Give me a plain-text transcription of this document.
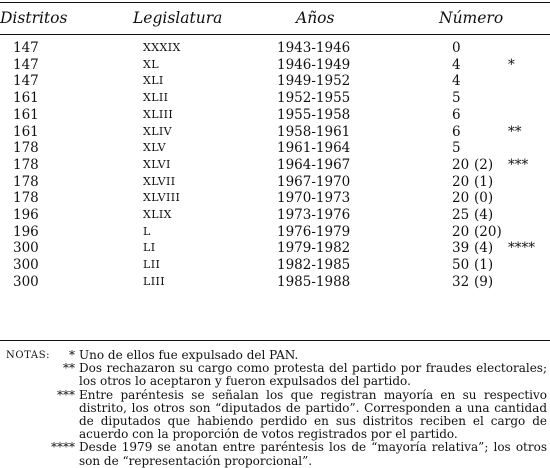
Distritos	Legislatura	Años	Número
147	XXXIX	1943-1946	0
147	XL	1946-1949	4	*
147	XLI	1949-1952	4
161	XLII	1952-1955	5
161	XLIII	1955-1958	6
161	XLIV	1958-1961	6	**
178	XLV	1961-1964	5
178	XLVI	1964-1967	20 (2) ***
178	XLVII	1967-1970	20 (1)
178	XLVIII	1970-1973	20 (0)
196	XLIX	1973-1976	25 (4)
196	L	1976-1979	20 (20)
300	LI	1979-1982	39 (4) ****
300	LII	1982-1985	50 (1)
300	LIII	1985-1988	32 (9)
NOTAS:	* Uno de ellos fue expulsado del PAN.
** Dos rechazaron su cargo como protesta del partido por fraudes electorales; los otros lo aceptaron y fueron expulsados del partido.
*** Entre paréntesis se señalan los que registran mayoría en su respectivo distrito, los otros son “diputados de partido”. Corresponden a una cantidad de diputados que habiendo perdido en sus distritos reciben el cargo de acuerdo con la proporción de votos registrados por el partido.
**** Desde 1979 se anotan entre paréntesis los de “mayoría relativa”; los otros son de “representación proporcional”.
